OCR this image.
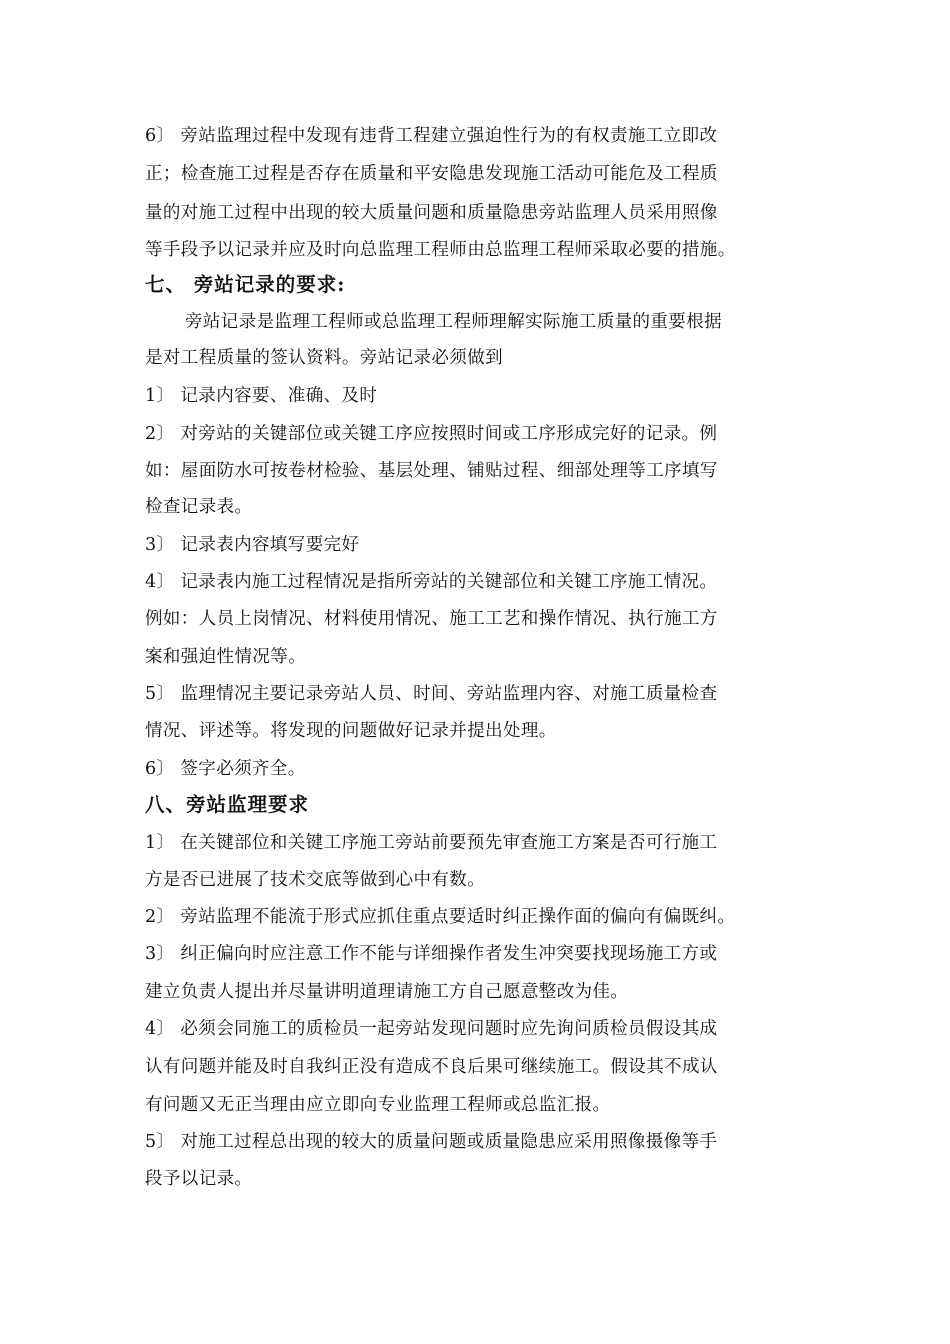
6〕 旁站监理过程中发现有违背工程建立强迫性行为的有权责施工立即改
正；检查施工过程是否存在质量和平安隐患发现施工活动可能危及工程质
量的对施工过程中出现的较大质量问题和质量隐患旁站监理人员采用照像
等手段予以记录并应及时向总监理工程师由总监理工程师采取必要的措施。
七、 旁站记录的要求:
旁站记录是监理工程师或总监理工程师理解实际施工质量的重要根据
是对工程质量的签认资料。旁站记录必须做到
1〕 记录内容要、准确、及时
2〕 对旁站的关键部位或关键工序应按照时间或工序形成完好的记录。例
如：屋面防水可按卷材检验、基层处理、铺贴过程、细部处理等工序填写
检查记录表。
3〕 记录表内容填写要完好
4〕 记录表内施工过程情况是指所旁站的关键部位和关键工序施工情况。
例如：人员上岗情况、材料使用情况、施工工艺和操作情况、执行施工方
案和强迫性情况等。
5〕 监理情况主要记录旁站人员、时间、旁站监理内容、对施工质量检查
情况、评述等。将发现的问题做好记录并提出处理。
6〕 签字必须齐全。
八、旁站监理要求
1〕 在关键部位和关键工序施工旁站前要预先审查施工方案是否可行施工
方是否已进展了技术交底等做到心中有数。
2〕 旁站监理不能流于形式应抓住重点要适时纠正操作面的偏向有偏既纠。
3〕 纠正偏向时应注意工作不能与详细操作者发生冲突要找现场施工方或
建立负责人提出并尽量讲明道理请施工方自己愿意整改为佳。
4〕 必须会同施工的质检员一起旁站发现问题时应先询问质检员假设其成
认有问题并能及时自我纠正没有造成不良后果可继续施工。假设其不成认
有问题又无正当理由应立即向专业监理工程师或总监汇报。
5〕 对施工过程总出现的较大的质量问题或质量隐患应采用照像摄像等手
段予以记录。
